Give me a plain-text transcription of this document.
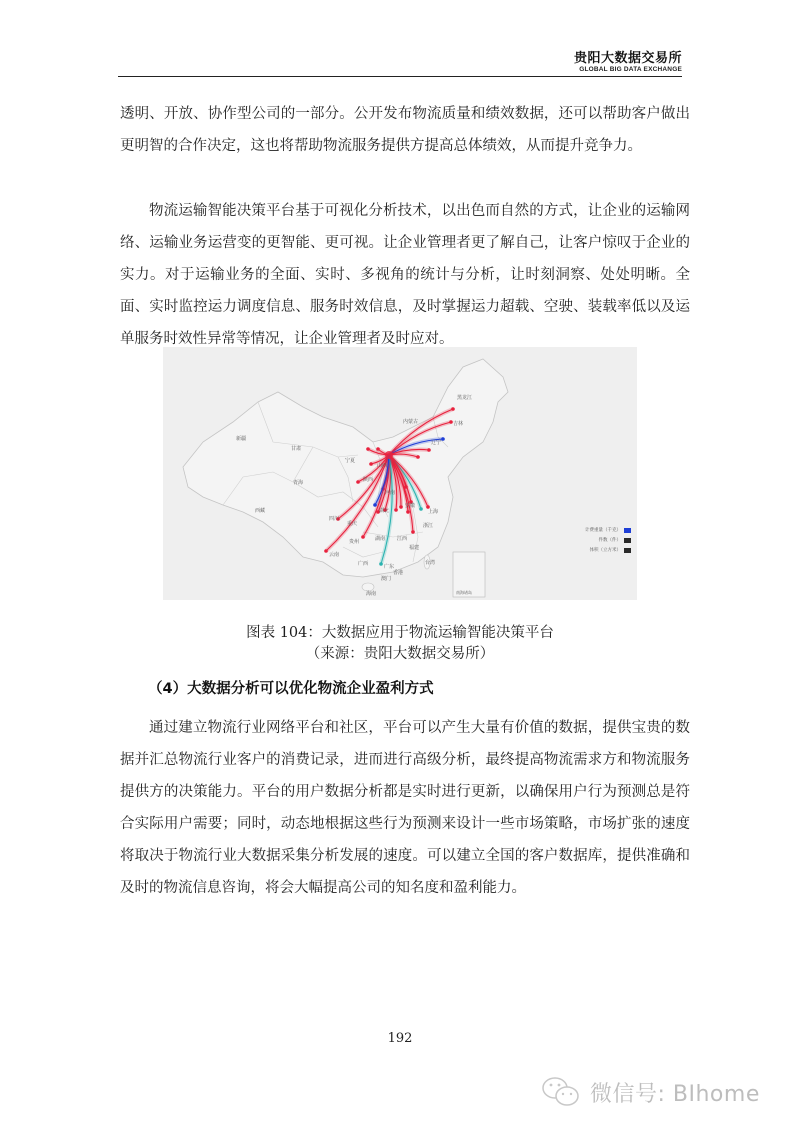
贵阳大数据交易所
GLOBAL BIG DATA EXCHANGE
透明、开放、协作型公司的一部分。公开发布物流质量和绩效数据，还可以帮助客户做出更明智的合作决定，这也将帮助物流服务提供方提高总体绩效，从而提升竞争力。
物流运输智能决策平台基于可视化分析技术，以出色而自然的方式，让企业的运输网络、运输业务运营变的更智能、更可视。让企业管理者更了解自己，让客户惊叹于企业的实力。对于运输业务的全面、实时、多视角的统计与分析，让时刻洞察、处处明晰。全面、实时监控运力调度信息、服务时效信息，及时掌握运力超载、空驶、装载率低以及运单服务时效性异常等情况，让企业管理者及时应对。
新疆
西藏
青海
甘肃
宁夏
内蒙古
黑龙江
吉林
辽宁
山西
陕西
河南
湖北
安徽
四川
重庆
贵州
云南
湖南 江西
浙江
福建
上海
广西	广东
香港
澳门
台湾
海南	南海诸岛
计费重量（千克）
件数（件）
体积（立方米）
图表 104：大数据应用于物流运输智能决策平台
（来源：贵阳大数据交易所）
（4）大数据分析可以优化物流企业盈利方式
通过建立物流行业网络平台和社区，平台可以产生大量有价值的数据，提供宝贵的数据并汇总物流行业客户的消费记录，进而进行高级分析，最终提高物流需求方和物流服务提供方的决策能力。平台的用户数据分析都是实时进行更新，以确保用户行为预测总是符合实际用户需要；同时，动态地根据这些行为预测来设计一些市场策略，市场扩张的速度将取决于物流行业大数据采集分析发展的速度。可以建立全国的客户数据库，提供准确和及时的物流信息咨询，将会大幅提高公司的知名度和盈利能力。
192
微信号: BIhome
